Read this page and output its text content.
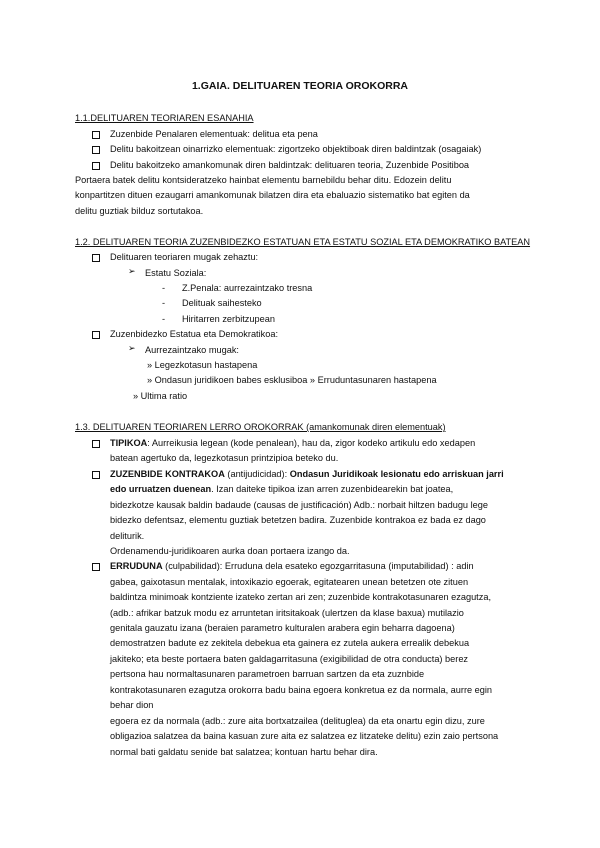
1.GAIA. DELITUAREN TEORIA OROKORRA
1.1.DELITUAREN TEORIAREN ESANAHIA
Zuzenbide Penalaren elementuak: delitua eta pena
Delitu bakoitzean oinarrizko elementuak: zigortzeko objektiboak diren baldintzak (osagaiak)
Delitu bakoitzeko amankomunak diren baldintzak: delituaren teoria, Zuzenbide Positiboa
Portaera batek delitu kontsideratzeko hainbat elementu barnebildu behar ditu. Edozein delitu
konpartitzen dituen ezaugarri amankomunak bilatzen dira eta ebaluazio sistematiko bat egiten da
delitu guztiak bilduz sortutakoa.
1.2. DELITUAREN TEORIA ZUZENBIDEZKO ESTATUAN ETA ESTATU SOZIAL ETA DEMOKRATIKO BATEAN
Delituaren teoriaren mugak zehaztu:
➢ Estatu Soziala:
- Z.Penala: aurrezaintzako tresna
- Delituak saihesteko
- Hiritarren zerbitzupean
Zuzenbidezko Estatua eta Demokratikoa:
➢ Aurrezaintzako mugak:
» Legezkotasun hastapena
» Ondasun juridikoen babes esklusiboa » Erruduntasunaren hastapena
» Ultima ratio
1.3. DELITUAREN TEORIAREN LERRO OROKORRAK (amankomunak diren elementuak)
TIPIKOA: Aurreikusia legean (kode penalean), hau da, zigor kodeko artikulu edo xedapen
batean agertuko da, legezkotasun printzipioa beteko du.
ZUZENBIDE KONTRAKOA (antijudicidad): Ondasun Juridikoak lesionatu edo arriskuan jarri
edo urruatzen duenean. Izan daiteke tipikoa izan arren zuzenbidearekin bat joatea,
bidezkotze kausak baldin badaude (causas de justificación) Adb.: norbait hiltzen badugu lege
bidezko defentsaz, elementu guztiak betetzen badira. Zuzenbide kontrakoa ez bada ez dago
deliturik.
Ordenamendu-juridikoaren aurka doan portaera izango da.
ERRUDUNA (culpabilidad): Erruduna dela esateko egozgarritasuna (imputabilidad) : adin
gabea, gaixotasun mentalak, intoxikazio egoerak, egitatearen unean betetzen ote zituen
baldintza minimoak kontziente izateko zertan ari zen; zuzenbide kontrakotasunaren ezagutza,
(adb.: afrikar batzuk modu ez arruntetan iritsitakoak (ulertzen da klase baxua) mutilazio
genitala gauzatu izana (beraien parametro kulturalen arabera egin beharra dagoena)
demostratzen badute ez zekitela debekua eta gainera ez zutela aukera errealik debekua
jakiteko; eta beste portaera baten galdagarritasuna (exigibilidad de otra conducta) berez
pertsona hau normaltasunaren parametroen barruan sartzen da eta zuznbide
kontrakotasunaren ezagutza orokorra badu baina egoera konkretua ez da normala, aurre egin
behar dion
egoera ez da normala (adb.: zure aita bortxatzailea (delituglea) da eta onartu egin dizu, zure
obligazioa salatzea da baina kasuan zure aita ez salatzea ez litzateke delitu) ezin zaio pertsona
normal bati galdatu senide bat salatzea; kontuan hartu behar dira.
